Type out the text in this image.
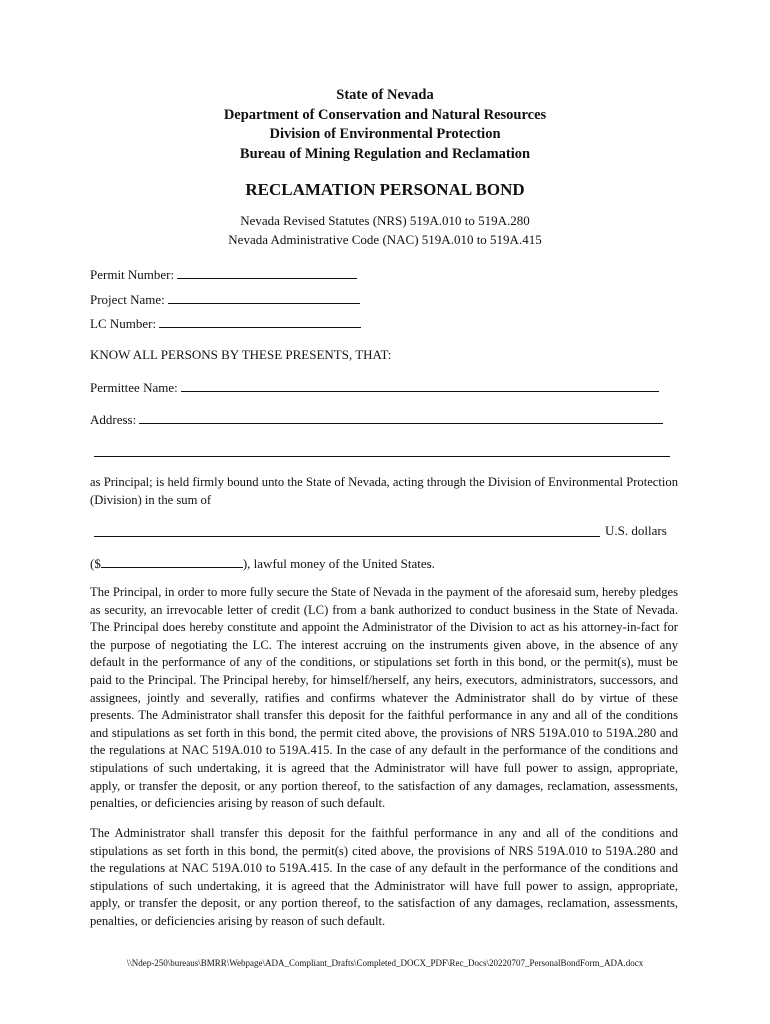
State of Nevada
Department of Conservation and Natural Resources
Division of Environmental Protection
Bureau of Mining Regulation and Reclamation
RECLAMATION PERSONAL BOND
Nevada Revised Statutes (NRS) 519A.010 to 519A.280
Nevada Administrative Code (NAC) 519A.010 to 519A.415
Permit Number:
Project Name:
LC Number:
KNOW ALL PERSONS BY THESE PRESENTS, THAT:
Permittee Name:
Address:
as Principal; is held firmly bound unto the State of Nevada, acting through the Division of Environmental Protection (Division) in the sum of
U.S. dollars
($	), lawful money of the United States.
The Principal, in order to more fully secure the State of Nevada in the payment of the aforesaid sum, hereby pledges as security, an irrevocable letter of credit (LC) from a bank authorized to conduct business in the State of Nevada. The Principal does hereby constitute and appoint the Administrator of the Division to act as his attorney-in-fact for the purpose of negotiating the LC. The interest accruing on the instruments given above, in the absence of any default in the performance of any of the conditions, or stipulations set forth in this bond, or the permit(s), must be paid to the Principal. The Principal hereby, for himself/herself, any heirs, executors, administrators, successors, and assignees, jointly and severally, ratifies and confirms whatever the Administrator shall do by virtue of these presents. The Administrator shall transfer this deposit for the faithful performance in any and all of the conditions and stipulations as set forth in this bond, the permit cited above, the provisions of NRS 519A.010 to 519A.280 and the regulations at NAC 519A.010 to 519A.415. In the case of any default in the performance of the conditions and stipulations of such undertaking, it is agreed that the Administrator will have full power to assign, appropriate, apply, or transfer the deposit, or any portion thereof, to the satisfaction of any damages, reclamation, assessments, penalties, or deficiencies arising by reason of such default.
The Administrator shall transfer this deposit for the faithful performance in any and all of the conditions and stipulations as set forth in this bond, the permit(s) cited above, the provisions of NRS 519A.010 to 519A.280 and the regulations at NAC 519A.010 to 519A.415. In the case of any default in the performance of the conditions and stipulations of such undertaking, it is agreed that the Administrator will have full power to assign, appropriate, apply, or transfer the deposit, or any portion thereof, to the satisfaction of any damages, reclamation, assessments, penalties, or deficiencies arising by reason of such default.
\\Ndep-250\bureaus\BMRR\Webpage\ADA_Compliant_Drafts\Completed_DOCX_PDF\Rec_Docs\20220707_PersonalBondForm_ADA.docx
